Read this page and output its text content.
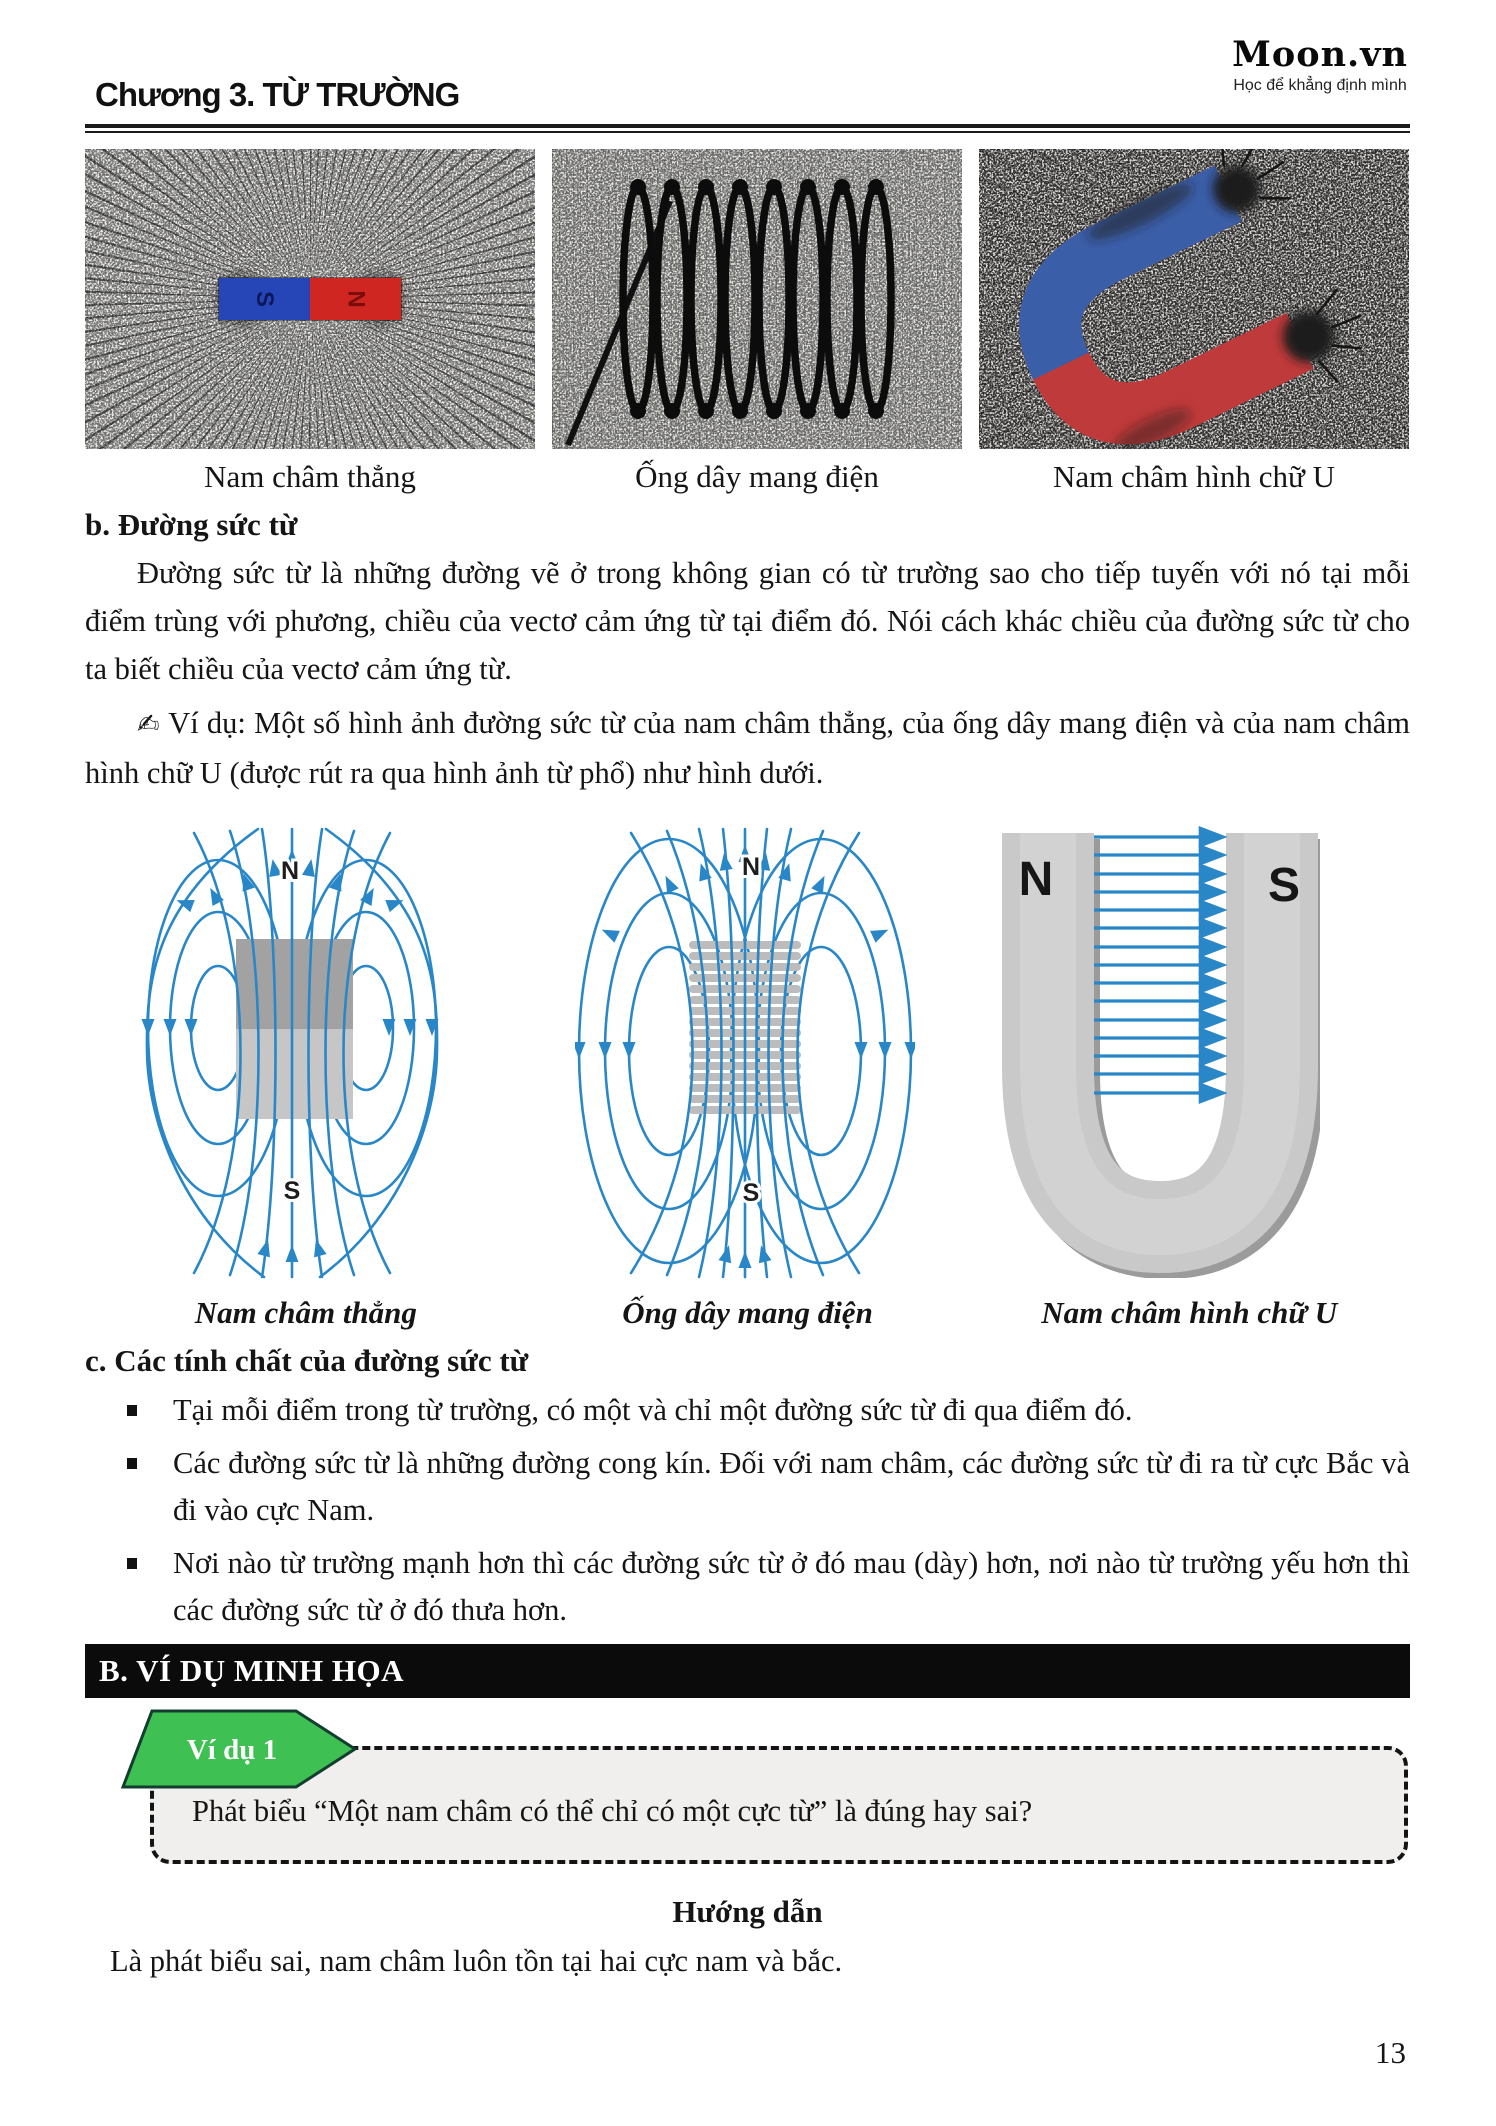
Chương 3. TỪ TRƯỜNG
Moon.vn
Học để khẳng định mình
S	N
Nam châm thẳng	Ống dây mang điện	Nam châm hình chữ U
b. Đường sức từ

Đường sức từ là những đường vẽ ở trong không gian có từ trường sao cho tiếp tuyến với nó tại mỗi điểm trùng với phương, chiều của vectơ cảm ứng từ tại điểm đó. Nói cách khác chiều của đường sức từ cho ta biết chiều của vectơ cảm ứng từ.

✍ Ví dụ: Một số hình ảnh đường sức từ của nam châm thẳng, của ống dây mang điện và của nam châm hình chữ U (được rút ra qua hình ảnh từ phổ) như hình dưới.

N
S
N
S
N	S
Nam châm thẳng	Ống dây mang điện	Nam châm hình chữ U
c. Các tính chất của đường sức từ
Tại mỗi điểm trong từ trường, có một và chỉ một đường sức từ đi qua điểm đó.
Các đường sức từ là những đường cong kín. Đối với nam châm, các đường sức từ đi ra từ cực Bắc và đi vào cực Nam.
Nơi nào từ trường mạnh hơn thì các đường sức từ ở đó mau (dày) hơn, nơi nào từ trường yếu hơn thì các đường sức từ ở đó thưa hơn.
B. VÍ DỤ MINH HỌA

Phát biểu “Một nam châm có thể chỉ có một cực từ” là đúng hay sai?

Ví dụ 1
Hướng dẫn

Là phát biểu sai, nam châm luôn tồn tại hai cực nam và bắc.

13
